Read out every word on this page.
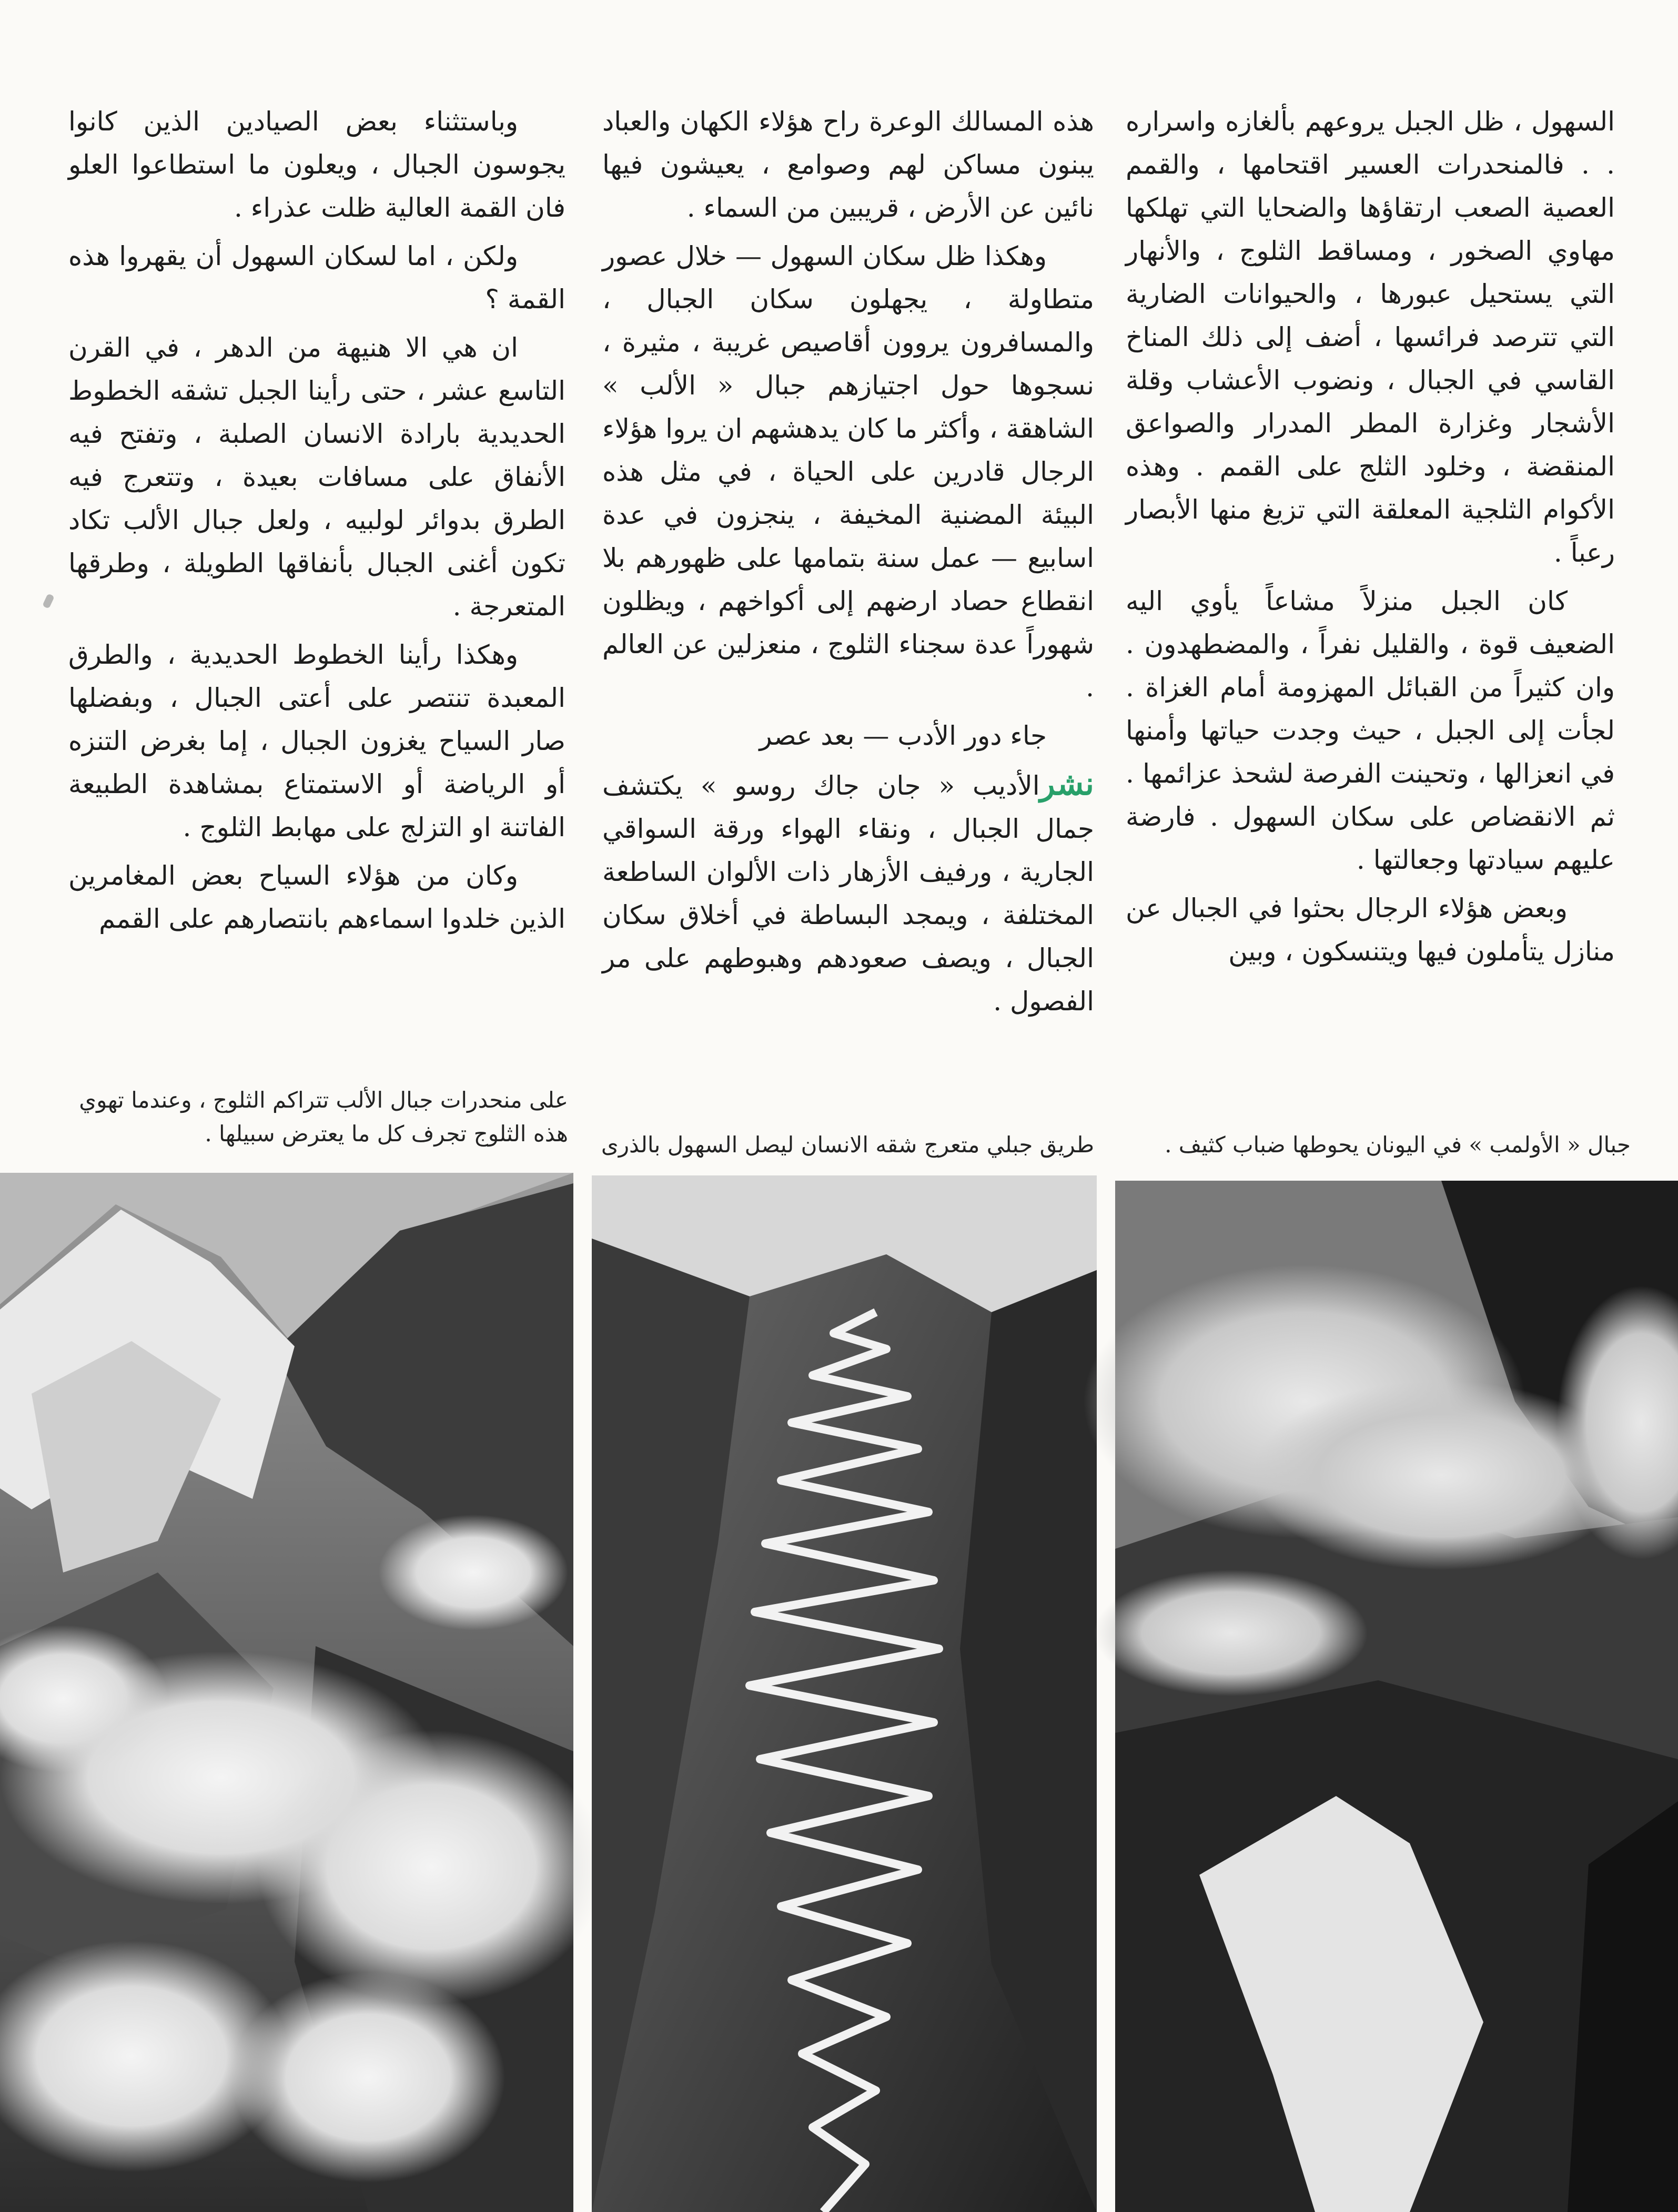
السهول ، ظل الجبل يروعهم بألغازه واسراره . . فالمنحدرات العسير اقتحامها ، والقمم العصية الصعب ارتقاؤها والضحايا التي تهلكها مهاوي الصخور ، ومساقط الثلوج ، والأنهار التي يستحيل عبورها ، والحيوانات الضارية التي تترصد فرائسها ، أضف إلى ذلك المناخ القاسي في الجبال ، ونضوب الأعشاب وقلة الأشجار وغزارة المطر المدرار والصواعق المنقضة ، وخلود الثلج على القمم . وهذه الأكوام الثلجية المعلقة التي تزيغ منها الأبصار رعباً .

كان الجبل منزلاً مشاعاً يأوي اليه الضعيف قوة ، والقليل نفراً ، والمضطهدون . وان كثيراً من القبائل المهزومة أمام الغزاة . لجأت إلى الجبل ، حيث وجدت حياتها وأمنها في انعزالها ، وتحينت الفرصة لشحذ عزائمها . ثم الانقضاص على سكان السهول . فارضة عليهم سيادتها وجعالتها .

وبعض هؤلاء الرجال بحثوا في الجبال عن منازل يتأملون فيها ويتنسكون ، وبين

هذه المسالك الوعرة راح هؤلاء الكهان والعباد يبنون مساكن لهم وصوامع ، يعيشون فيها نائين عن الأرض ، قريبين من السماء .

وهكذا ظل سكان السهول — خلال عصور متطاولة ، يجهلون سكان الجبال ، والمسافرون يروون أقاصيص غريبة ، مثيرة ، نسجوها حول اجتيازهم جبال « الألب » الشاهقة ، وأكثر ما كان يدهشهم ان يروا هؤلاء الرجال قادرين على الحياة ، في مثل هذه البيئة المضنية المخيفة ، ينجزون في عدة اسابيع — عمل سنة بتمامها على ظهورهم بلا انقطاع حصاد ارضهم إلى أكواخهم ، ويظلون شهوراً عدة سجناء الثلوج ، منعزلين عن العالم .

جاء دور الأدب — بعد عصر

نشرالأديب « جان جاك روسو » يكتشف جمال الجبال ، ونقاء الهواء ورقة السواقي الجارية ، ورفيف الأزهار ذات الألوان الساطعة المختلفة ، ويمجد البساطة في أخلاق سكان الجبال ، ويصف صعودهم وهبوطهم على مر الفصول .

وباستثناء بعض الصيادين الذين كانوا يجوسون الجبال ، ويعلون ما استطاعوا العلو فان القمة العالية ظلت عذراء .

ولكن ، اما لسكان السهول أن يقهروا هذه القمة ؟

ان هي الا هنيهة من الدهر ، في القرن التاسع عشر ، حتى رأينا الجبل تشقه الخطوط الحديدية بارادة الانسان الصلبة ، وتفتح فيه الأنفاق على مسافات بعيدة ، وتتعرج فيه الطرق بدوائر لولبيه ، ولعل جبال الألب تكاد تكون أغنى الجبال بأنفاقها الطويلة ، وطرقها المتعرجة .

وهكذا رأينا الخطوط الحديدية ، والطرق المعبدة تنتصر على أعتى الجبال ، وبفضلها صار السياح يغزون الجبال ، إما بغرض التنزه أو الرياضة أو الاستمتاع بمشاهدة الطبيعة الفاتنة او التزلج على مهابط الثلوج .

وكان من هؤلاء السياح بعض المغامرين الذين خلدوا اسماءهم بانتصارهم على القمم

جبال « الأولمب » في اليونان يحوطها ضباب كثيف .
طريق جبلي متعرج شقه الانسان ليصل السهول بالذرى
على منحدرات جبال الألب تتراكم الثلوج ، وعندما تهوي هذه الثلوج تجرف كل ما يعترض سبيلها .
